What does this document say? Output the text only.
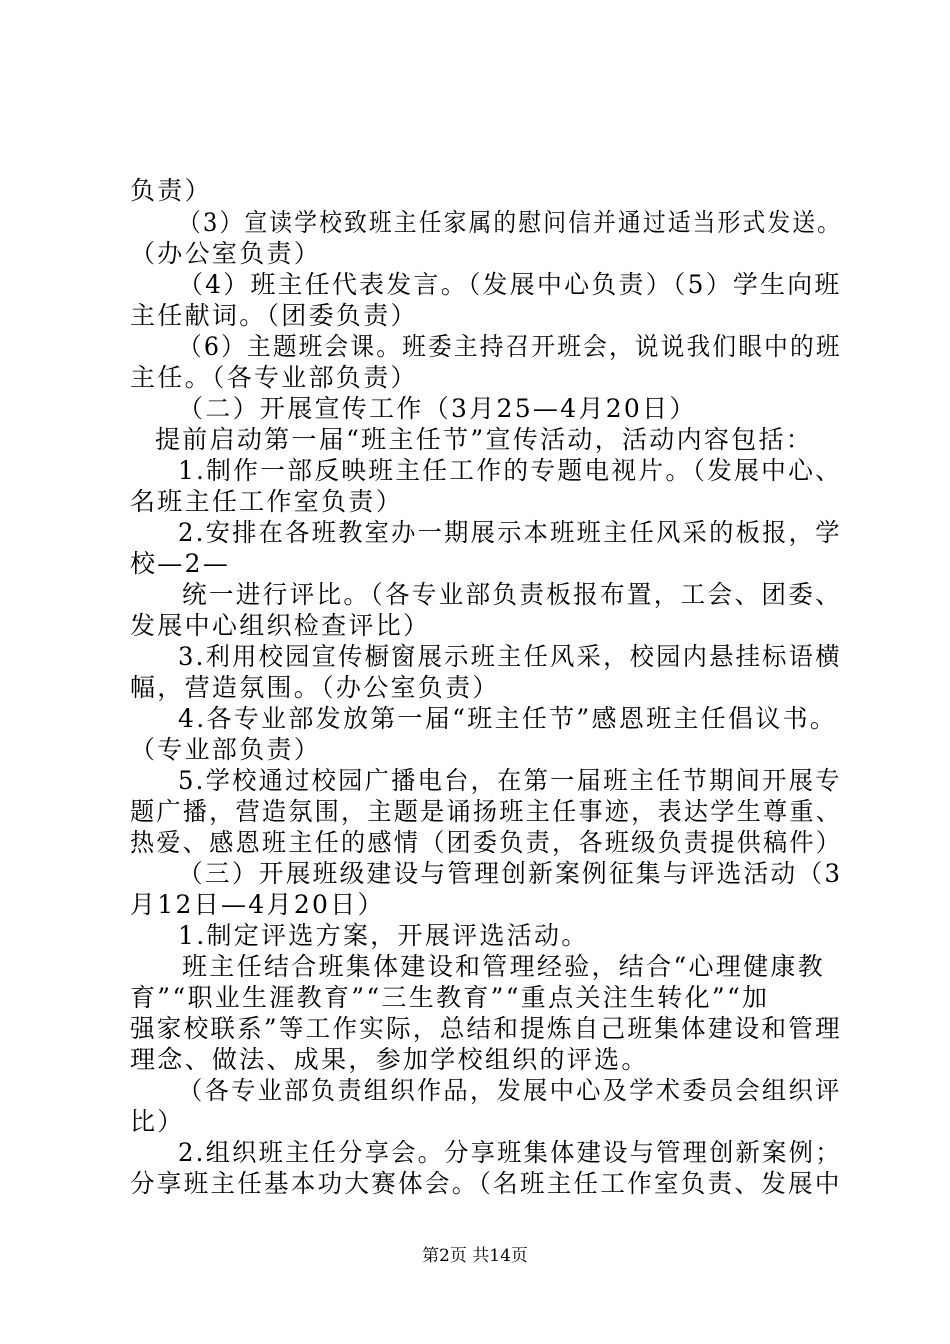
负责）
（3）宣读学校致班主任家属的慰问信并通过适当形式发送。
（办公室负责）
（4）班主任代表发言。（发展中心负责）（5）学生向班
主任献词。（团委负责）
（6）主题班会课。班委主持召开班会，说说我们眼中的班
主任。（各专业部负责）
（二）开展宣传工作（3月25—4月20日）
提前启动第一届“班主任节”宣传活动，活动内容包括：
1.制作一部反映班主任工作的专题电视片。（发展中心、
名班主任工作室负责）
2.安排在各班教室办一期展示本班班主任风采的板报，学
校—2—
统一进行评比。（各专业部负责板报布置，工会、团委、
发展中心组织检查评比）
3.利用校园宣传橱窗展示班主任风采，校园内悬挂标语横
幅，营造氛围。（办公室负责）
4.各专业部发放第一届“班主任节”感恩班主任倡议书。
（专业部负责）
5.学校通过校园广播电台，在第一届班主任节期间开展专
题广播，营造氛围，主题是诵扬班主任事迹，表达学生尊重、
热爱、感恩班主任的感情（团委负责，各班级负责提供稿件）
（三）开展班级建设与管理创新案例征集与评选活动（3
月12日—4月20日）
1.制定评选方案，开展评选活动。
班主任结合班集体建设和管理经验，结合“心理健康教
育”“职业生涯教育”“三生教育”“重点关注生转化”“加
强家校联系”等工作实际，总结和提炼自己班集体建设和管理
理念、做法、成果，参加学校组织的评选。
（各专业部负责组织作品，发展中心及学术委员会组织评
比）
2.组织班主任分享会。分享班集体建设与管理创新案例；
分享班主任基本功大赛体会。（名班主任工作室负责、发展中
第2页 共14页
